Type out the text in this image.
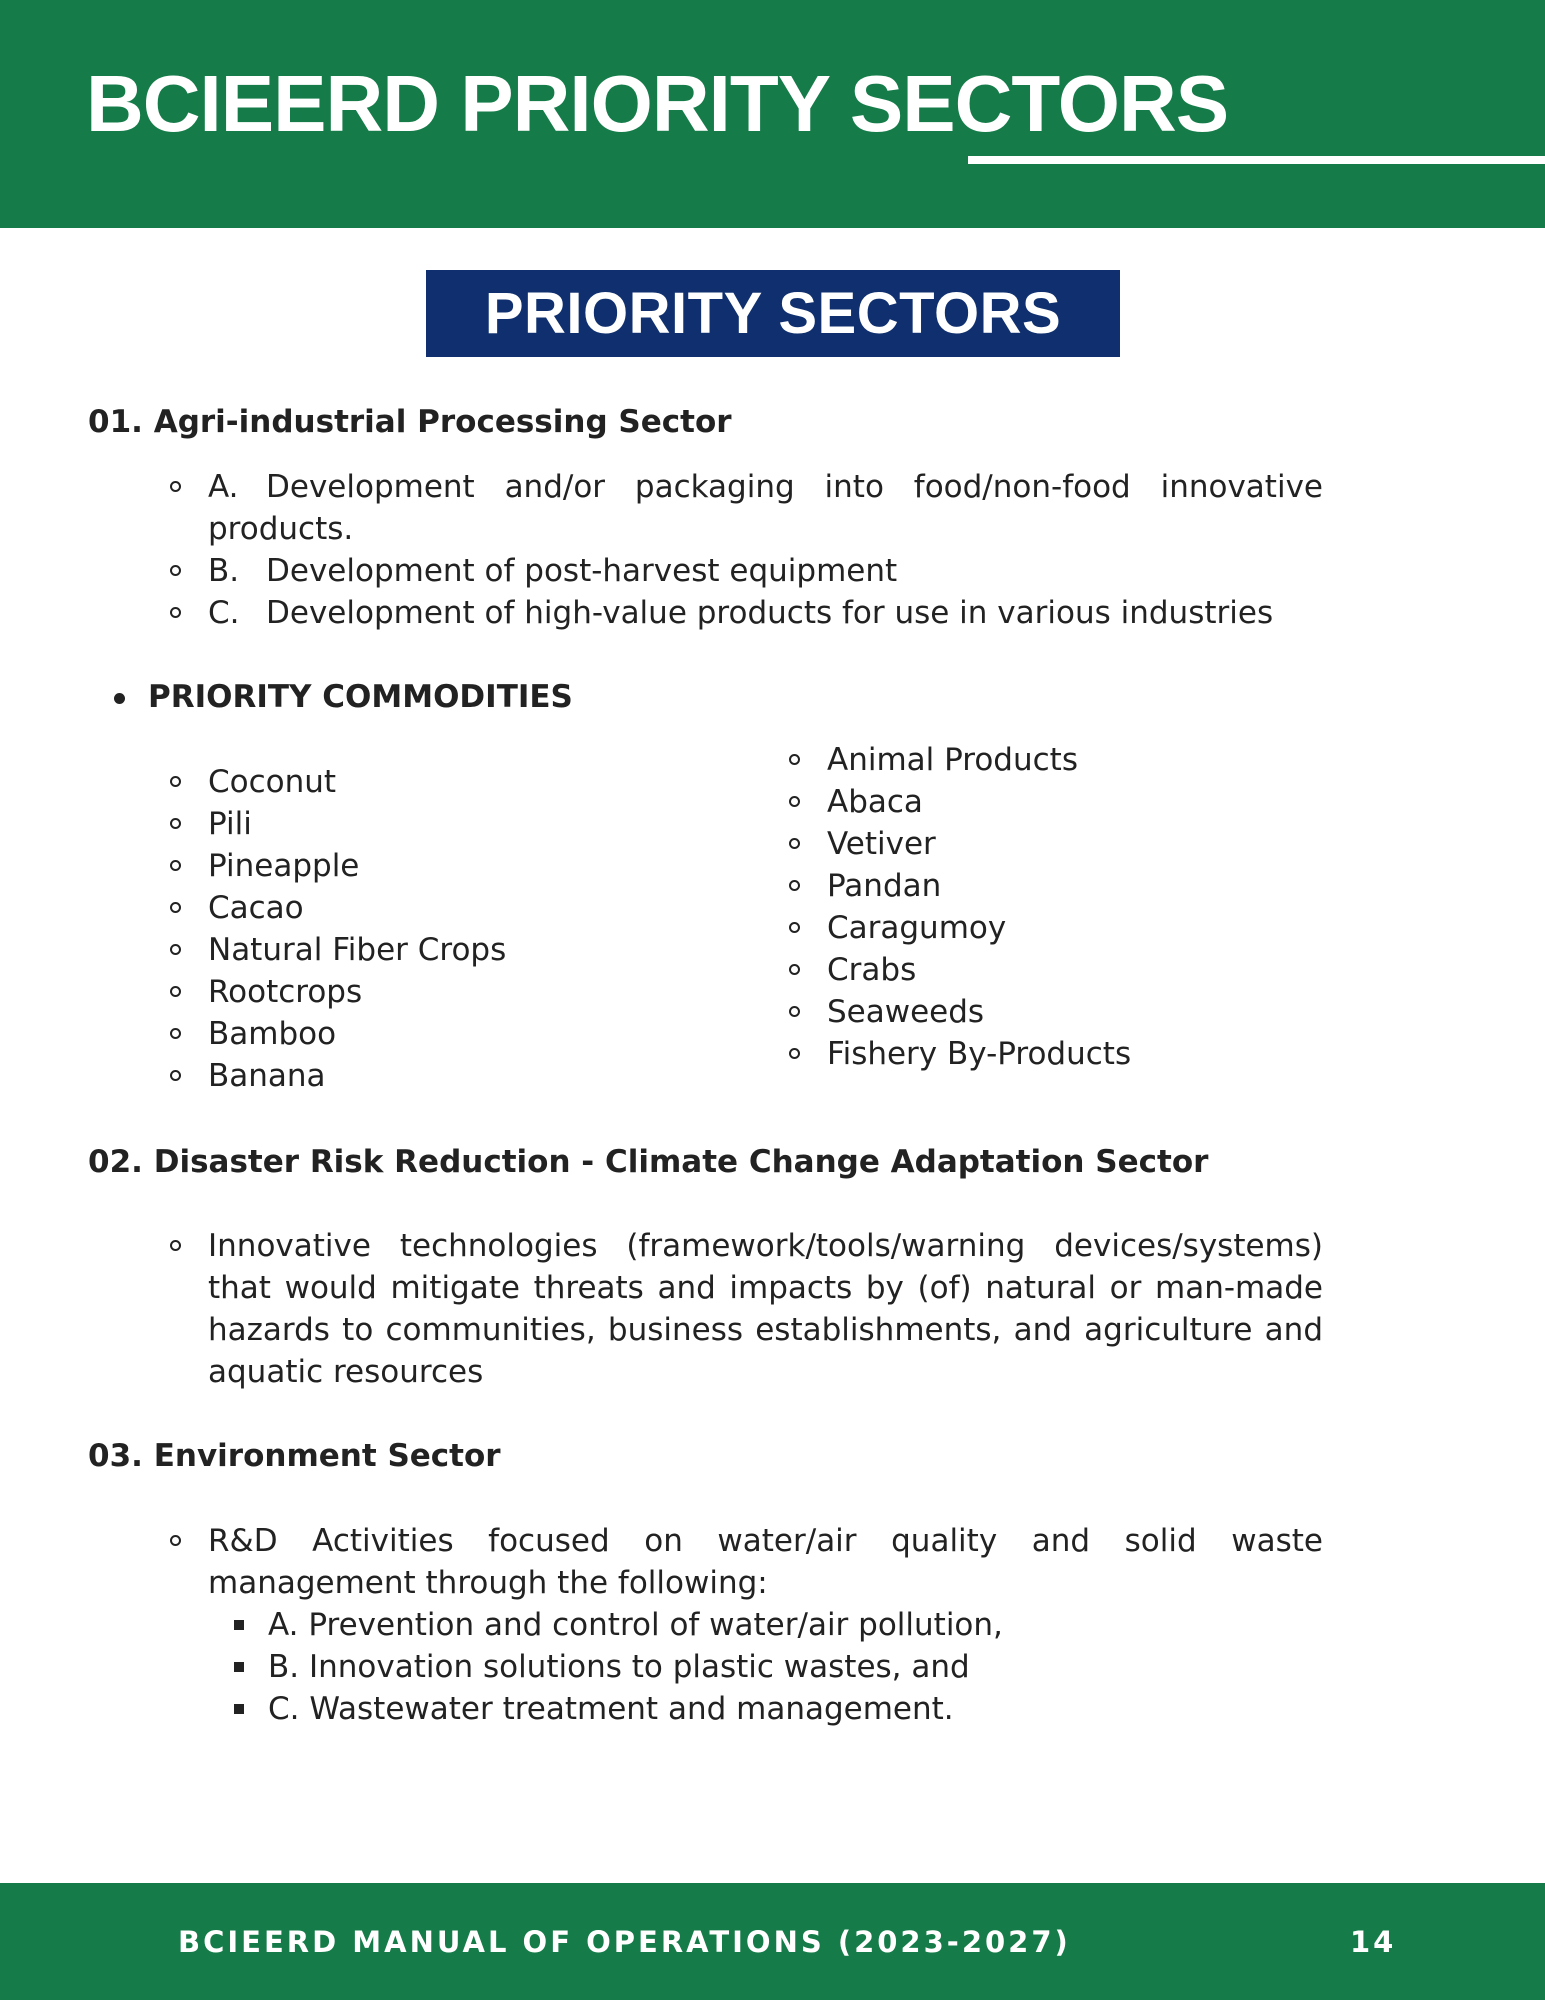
BCIEERD PRIORITY SECTORS
PRIORITY SECTORS
01. Agri-industrial Processing Sector
A. Development and/or packaging into food/non-food innovative products.
B. Development of post-harvest equipment
C. Development of high-value products for use in various industries
PRIORITY COMMODITIES
Coconut
Pili
Pineapple
Cacao
Natural Fiber Crops
Rootcrops
Bamboo
Banana
Animal Products
Abaca
Vetiver
Pandan
Caragumoy
Crabs
Seaweeds
Fishery By-Products
02. Disaster Risk Reduction - Climate Change Adaptation Sector
Innovative technologies (framework/tools/warning devices/systems) that would mitigate threats and impacts by (of) natural or man-made hazards to communities, business establishments, and agriculture and aquatic resources
03. Environment Sector
R&D Activities focused on water/air quality and solid waste management through the following:
A. Prevention and control of water/air pollution,
B. Innovation solutions to plastic wastes, and
C. Wastewater treatment and management.

BCIEERD MANUAL OF OPERATIONS (2023-2027)	14
